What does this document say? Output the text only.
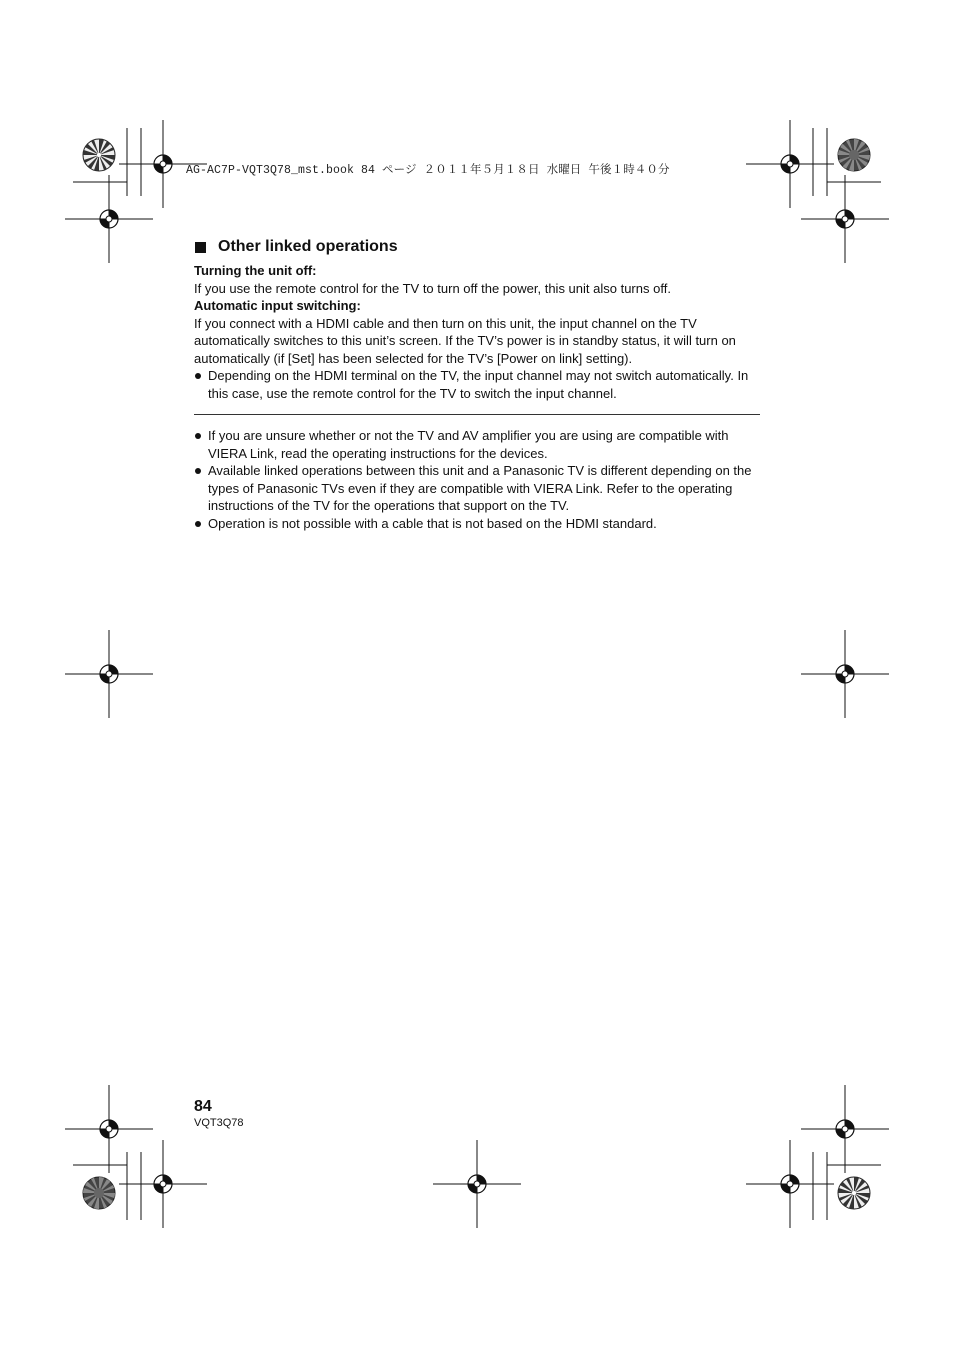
AG-AC7P-VQT3Q78_mst.book 84 ページ ２０１１年５月１８日 水曜日 午後１時４０分
Other linked operations
Turning the unit off:
If you use the remote control for the TV to turn off the power, this unit also turns off.
Automatic input switching:
If you connect with a HDMI cable and then turn on this unit, the input channel on the TV automatically switches to this unit’s screen. If the TV’s power is in standby status, it will turn on automatically (if [Set] has been selected for the TV’s [Power on link] setting).
Depending on the HDMI terminal on the TV, the input channel may not switch automatically. In this case, use the remote control for the TV to switch the input channel.
If you are unsure whether or not the TV and AV amplifier you are using are compatible with VIERA Link, read the operating instructions for the devices.
Available linked operations between this unit and a Panasonic TV is different depending on the types of Panasonic TVs even if they are compatible with VIERA Link. Refer to the operating instructions of the TV for the operations that support on the TV.
Operation is not possible with a cable that is not based on the HDMI standard.
84
VQT3Q78
